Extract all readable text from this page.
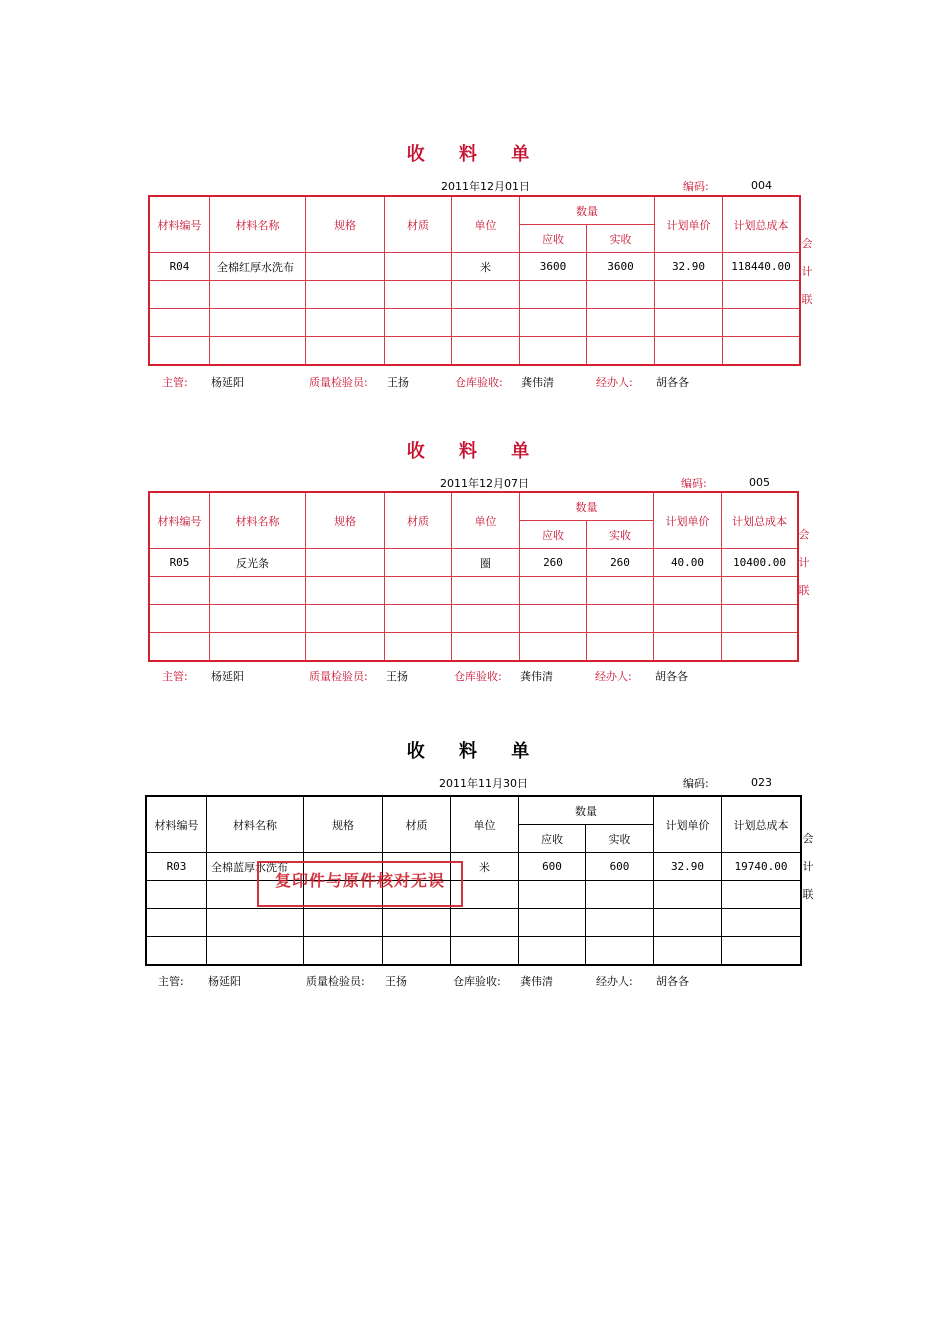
收 料 单
2011年12月01日	编码:	004
材料编号	材料名称	规格	材质	单位	数量		计划单价	计划总成本
					应收	实收		
R04	全棉红厚水洗布			米	3600	3600	32.90	118440.00

会
计
联
主管: 杨延阳	质量检验员: 王扬	仓库验收: 龚伟清	经办人: 胡各各
收 料 单
2011年12月07日	编码:	005
材料编号	材料名称	规格	材质	单位	数量		计划单价	计划总成本
					应收	实收		
R05	反光条			圈	260	260	40.00	10400.00

会
计
联
主管: 杨延阳	质量检验员: 王扬	仓库验收: 龚伟清	经办人: 胡各各
收 料 单
2011年11月30日	编码:	023
材料编号	材料名称	规格	材质	单位	数量		计划单价	计划总成本
					应收	实收		
R03	全棉蓝厚水洗布			米	600	600	32.90	19740.00

会
计
联
主管: 杨延阳	质量检验员: 王扬	仓库验收: 龚伟清	经办人: 胡各各
复印件与原件核对无误
